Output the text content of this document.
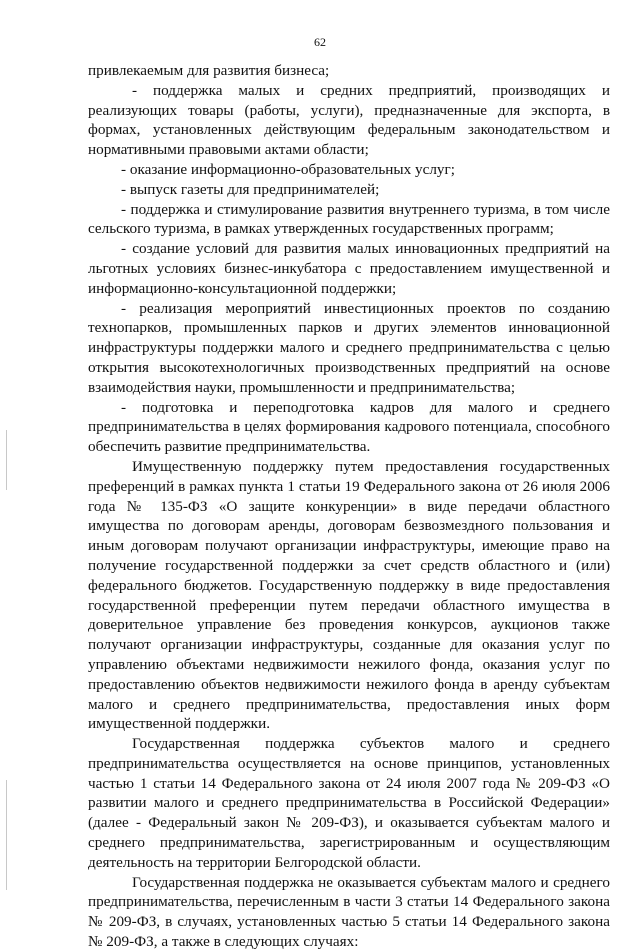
62

привлекаемым для развития бизнеса;

- поддержка малых и средних предприятий, производящих и реализующих товары (работы, услуги), предназначенные для экспорта, в формах, установленных действующим федеральным законодательством и нормативными правовыми актами области;

- оказание информационно-образовательных услуг;

- выпуск газеты для предпринимателей;

- поддержка и стимулирование развития внутреннего туризма, в том числе сельского туризма, в рамках утвержденных государственных программ;

- создание условий для развития малых инновационных предприятий на льготных условиях бизнес-инкубатора с предоставлением имущественной и информационно-консультационной поддержки;

- реализация мероприятий инвестиционных проектов по созданию технопарков, промышленных парков и других элементов инновационной инфраструктуры поддержки малого и среднего предпринимательства с целью открытия высокотехнологичных производственных предприятий на основе взаимодействия науки, промышленности и предпринимательства;

- подготовка и переподготовка кадров для малого и среднего предпринимательства в целях формирования кадрового потенциала, способного обеспечить развитие предпринимательства.

Имущественную поддержку путем предоставления государственных преференций в рамках пункта 1 статьи 19 Федерального закона от 26 июля 2006 года № 135-ФЗ «О защите конкуренции» в виде передачи областного имущества по договорам аренды, договорам безвозмездного пользования и иным договорам получают организации инфраструктуры, имеющие право на получение государственной поддержки за счет средств областного и (или) федерального бюджетов. Государственную поддержку в виде предоставления государственной преференции путем передачи областного имущества в доверительное управление без проведения конкурсов, аукционов также получают организации инфраструктуры, созданные для оказания услуг по управлению объектами недвижимости нежилого фонда, оказания услуг по предоставлению объектов недвижимости нежилого фонда в аренду субъектам малого и среднего предпринимательства, предоставления иных форм имущественной поддержки.

Государственная поддержка субъектов малого и среднего предпринимательства осуществляется на основе принципов, установленных частью 1 статьи 14 Федерального закона от 24 июля 2007 года № 209-ФЗ «О развитии малого и среднего предпринимательства в Российской Федерации» (далее - Федеральный закон № 209-ФЗ), и оказывается субъектам малого и среднего предпринимательства, зарегистрированным и осуществляющим деятельность на территории Белгородской области.

Государственная поддержка не оказывается субъектам малого и среднего предпринимательства, перечисленным в части 3 статьи 14 Федерального закона № 209-ФЗ, в случаях, установленных частью 5 статьи 14 Федерального закона № 209-ФЗ, а также в следующих случаях:
